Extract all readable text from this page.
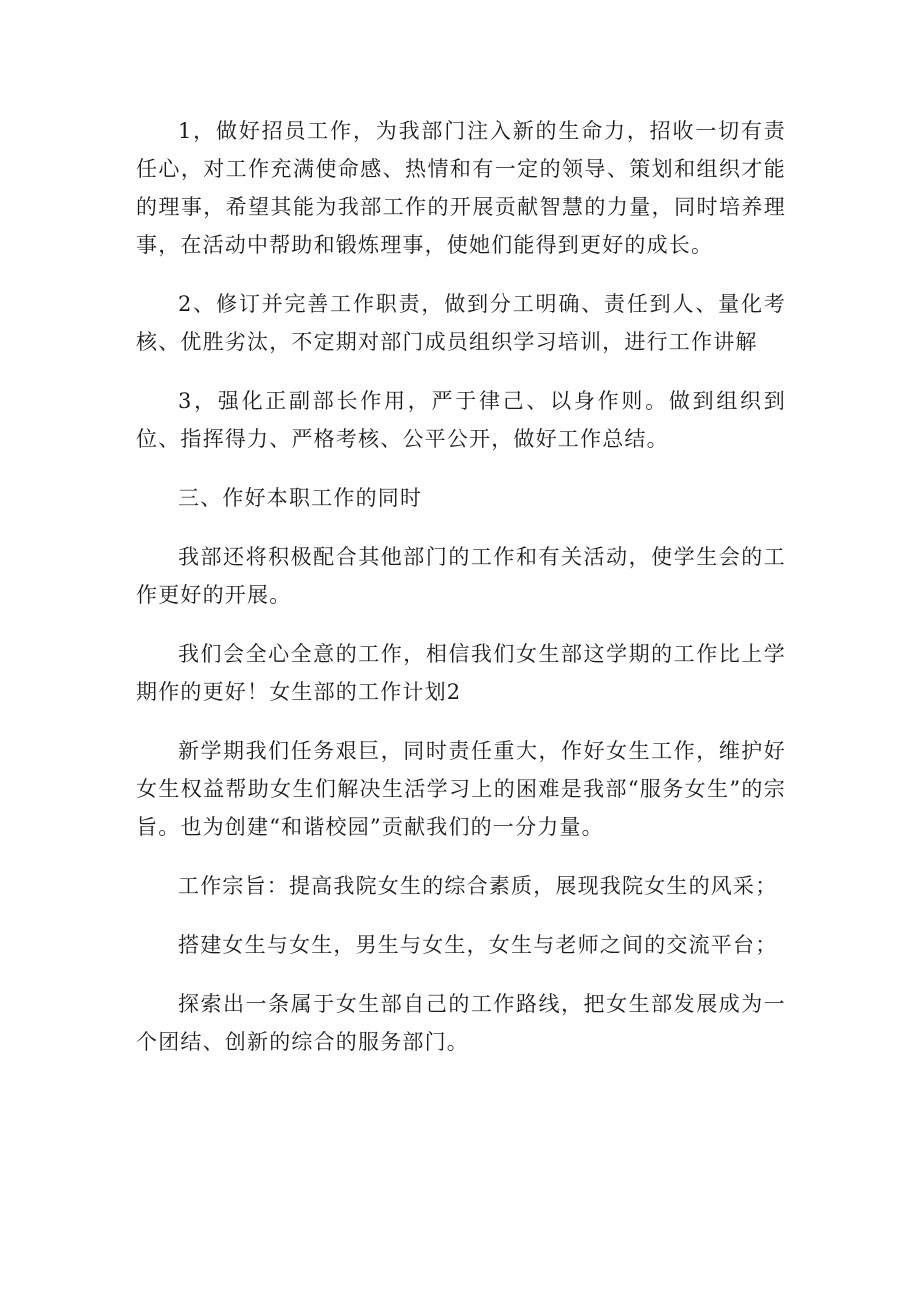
1，做好招员工作，为我部门注入新的生命力，招收一切有责任心，对工作充满使命感、热情和有一定的领导、策划和组织才能的理事，希望其能为我部工作的开展贡献智慧的力量，同时培养理事，在活动中帮助和锻炼理事，使她们能得到更好的成长。

2、修订并完善工作职责，做到分工明确、责任到人、量化考核、优胜劣汰，不定期对部门成员组织学习培训，进行工作讲解

3，强化正副部长作用，严于律己、以身作则。做到组织到位、指挥得力、严格考核、公平公开，做好工作总结。

三、作好本职工作的同时

我部还将积极配合其他部门的工作和有关活动，使学生会的工作更好的开展。

我们会全心全意的工作，相信我们女生部这学期的工作比上学期作的更好！女生部的工作计划2

新学期我们任务艰巨，同时责任重大，作好女生工作，维护好女生权益帮助女生们解决生活学习上的困难是我部“服务女生”的宗旨。也为创建“和谐校园”贡献我们的一分力量。

工作宗旨：提高我院女生的综合素质，展现我院女生的风采；

搭建女生与女生，男生与女生，女生与老师之间的交流平台；

探索出一条属于女生部自己的工作路线，把女生部发展成为一个团结、创新的综合的服务部门。
